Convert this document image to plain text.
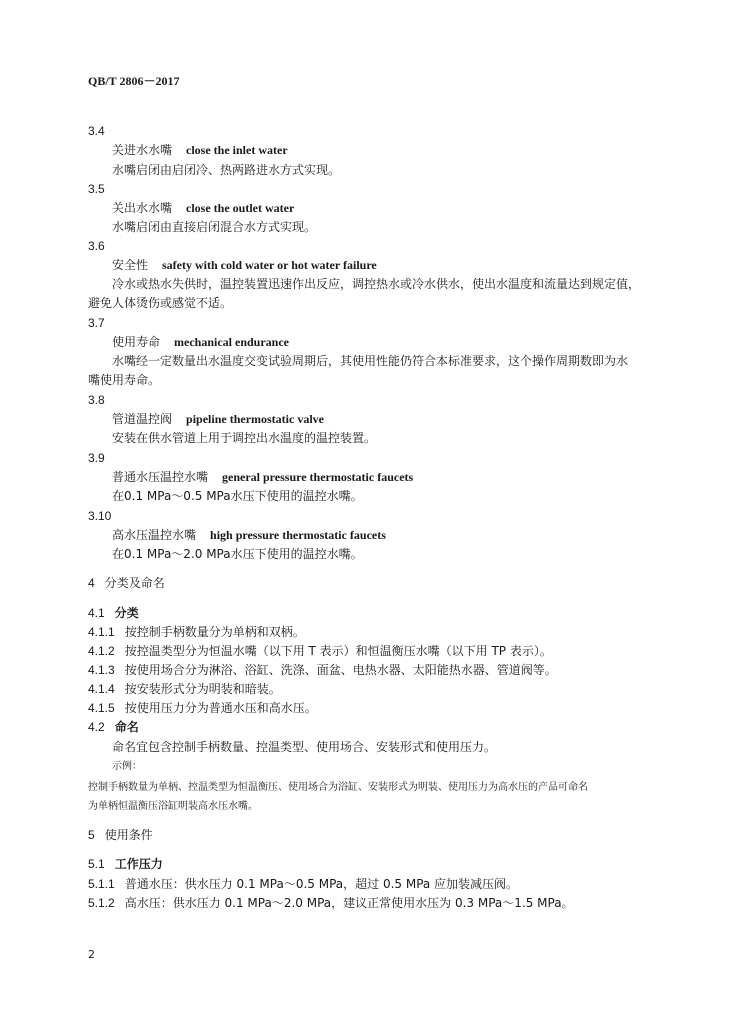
QB/T 2806－2017
3.4
关进水水嘴 close the inlet water
水嘴启闭由启闭冷、热两路进水方式实现。
3.5
关出水水嘴 close the outlet water
水嘴启闭由直接启闭混合水方式实现。
3.6
安全性 safety with cold water or hot water failure
冷水或热水失供时，温控装置迅速作出反应，调控热水或冷水供水，使出水温度和流量达到规定值，
避免人体烫伤或感觉不适。
3.7
使用寿命 mechanical endurance
水嘴经一定数量出水温度交变试验周期后，其使用性能仍符合本标准要求，这个操作周期数即为水
嘴使用寿命。
3.8
管道温控阀 pipeline thermostatic valve
安装在供水管道上用于调控出水温度的温控装置。
3.9
普通水压温控水嘴 general pressure thermostatic faucets
在0.1 MPa～0.5 MPa水压下使用的温控水嘴。
3.10
高水压温控水嘴 high pressure thermostatic faucets
在0.1 MPa～2.0 MPa水压下使用的温控水嘴。
4 分类及命名
4.1 分类
4.1.1 按控制手柄数量分为单柄和双柄。
4.1.2 按控温类型分为恒温水嘴（以下用 T 表示）和恒温衡压水嘴（以下用 TP 表示）。
4.1.3 按使用场合分为淋浴、浴缸、洗涤、面盆、电热水器、太阳能热水器、管道阀等。
4.1.4 按安装形式分为明装和暗装。
4.1.5 按使用压力分为普通水压和高水压。
4.2 命名
命名宜包含控制手柄数量、控温类型、使用场合、安装形式和使用压力。
示例：
控制手柄数量为单柄、控温类型为恒温衡压、使用场合为浴缸、安装形式为明装、使用压力为高水压的产品可命名
为单柄恒温衡压浴缸明装高水压水嘴。
5 使用条件
5.1 工作压力
5.1.1 普通水压：供水压力 0.1 MPa～0.5 MPa，超过 0.5 MPa 应加装减压阀。
5.1.2 高水压：供水压力 0.1 MPa～2.0 MPa，建议正常使用水压为 0.3 MPa～1.5 MPa。
2
